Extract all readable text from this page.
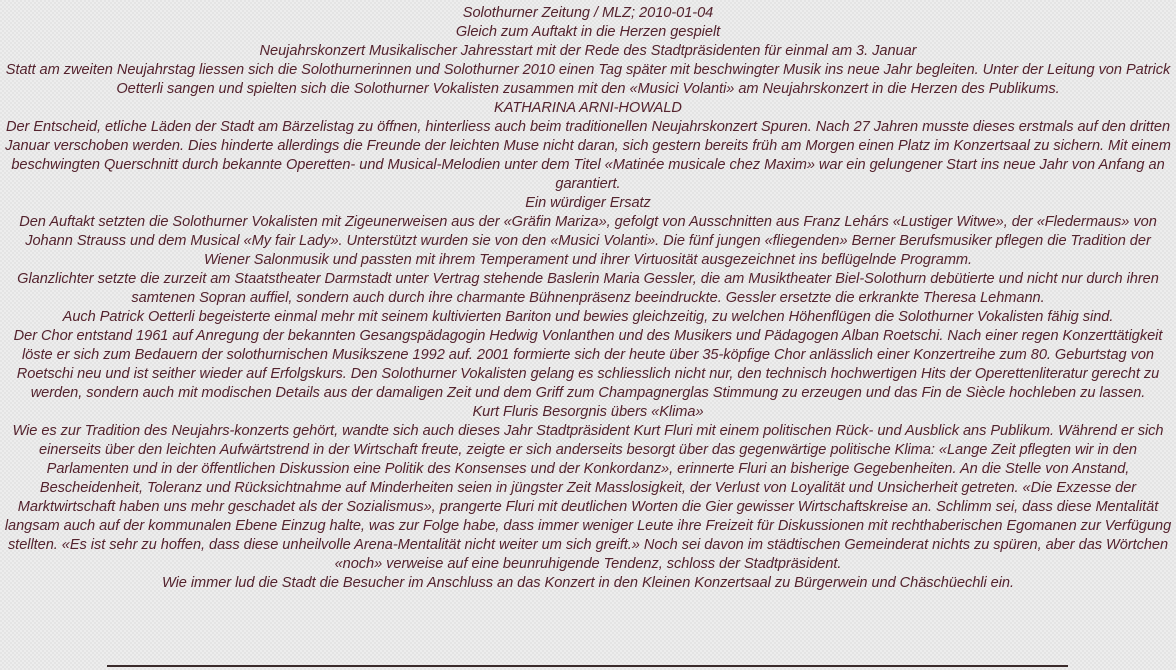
Solothurner Zeitung / MLZ; 2010-01-04

Gleich zum Auftakt in die Herzen gespielt

Neujahrskonzert Musikalischer Jahresstart mit der Rede des Stadtpräsidenten für einmal am 3. Januar

Statt am zweiten Neujahrstag liessen sich die Solothurnerinnen und Solothurner 2010 einen Tag später mit beschwingter Musik ins neue Jahr begleiten. Unter der Leitung von Patrick Oetterli sangen und spielten sich die Solothurner Vokalisten zusammen mit den «Musici Volanti» am Neujahrskonzert in die Herzen des Publikums.

KATHARINA ARNI-HOWALD

Der Entscheid, etliche Läden der Stadt am Bärzelistag zu öffnen, hinterliess auch beim traditionellen Neujahrskonzert Spuren. Nach 27 Jahren musste dieses erstmals auf den dritten Januar verschoben werden. Dies hinderte allerdings die Freunde der leichten Muse nicht daran, sich gestern bereits früh am Morgen einen Platz im Konzertsaal zu sichern. Mit einem beschwingten Querschnitt durch bekannte Operetten- und Musical-Melodien unter dem Titel «Matinée musicale chez Maxim» war ein gelungener Start ins neue Jahr von Anfang an garantiert.

Ein würdiger Ersatz

Den Auftakt setzten die Solothurner Vokalisten mit Zigeunerweisen aus der «Gräfin Mariza», gefolgt von Ausschnitten aus Franz Lehárs «Lustiger Witwe», der «Fledermaus» von Johann Strauss und dem Musical «My fair Lady». Unterstützt wurden sie von den «Musici Volanti». Die fünf jungen «fliegenden» Berner Berufsmusiker pflegen die Tradition der Wiener Salonmusik und passten mit ihrem Temperament und ihrer Virtuosität ausgezeichnet ins beflügelnde Programm.

Glanzlichter setzte die zurzeit am Staatstheater Darmstadt unter Vertrag stehende Baslerin Maria Gessler, die am Musiktheater Biel-Solothurn debütierte und nicht nur durch ihren samtenen Sopran auffiel, sondern auch durch ihre charmante Bühnenpräsenz beeindruckte. Gessler ersetzte die erkrankte Theresa Lehmann.

Auch Patrick Oetterli begeisterte einmal mehr mit seinem kultivierten Bariton und bewies gleichzeitig, zu welchen Höhenflügen die Solothurner Vokalisten fähig sind.

Der Chor entstand 1961 auf Anregung der bekannten Gesangspädagogin Hedwig Vonlanthen und des Musikers und Pädagogen Alban Roetschi. Nach einer regen Konzerttätigkeit löste er sich zum Bedauern der solothurnischen Musikszene 1992 auf. 2001 formierte sich der heute über 35-köpfige Chor anlässlich einer Konzertreihe zum 80. Geburtstag von Roetschi neu und ist seither wieder auf Erfolgskurs. Den Solothurner Vokalisten gelang es schliesslich nicht nur, den technisch hochwertigen Hits der Operettenliteratur gerecht zu werden, sondern auch mit modischen Details aus der damaligen Zeit und dem Griff zum Champagnerglas Stimmung zu erzeugen und das Fin de Siècle hochleben zu lassen.

Kurt Fluris Besorgnis übers «Klima»

Wie es zur Tradition des Neujahrs-konzerts gehört, wandte sich auch dieses Jahr Stadtpräsident Kurt Fluri mit einem politischen Rück- und Ausblick ans Publikum. Während er sich einerseits über den leichten Aufwärtstrend in der Wirtschaft freute, zeigte er sich anderseits besorgt über das gegenwärtige politische Klima: «Lange Zeit pflegten wir in den Parlamenten und in der öffentlichen Diskussion eine Politik des Konsenses und der Konkordanz», erinnerte Fluri an bisherige Gegebenheiten. An die Stelle von Anstand, Bescheidenheit, Toleranz und Rücksichtnahme auf Minderheiten seien in jüngster Zeit Masslosigkeit, der Verlust von Loyalität und Unsicherheit getreten. «Die Exzesse der Marktwirtschaft haben uns mehr geschadet als der Sozialismus», prangerte Fluri mit deutlichen Worten die Gier gewisser Wirtschaftskreise an. Schlimm sei, dass diese Mentalität langsam auch auf der kommunalen Ebene Einzug halte, was zur Folge habe, dass immer weniger Leute ihre Freizeit für Diskussionen mit rechthaberischen Egomanen zur Verfügung stellten. «Es ist sehr zu hoffen, dass diese unheilvolle Arena-Mentalität nicht weiter um sich greift.» Noch sei davon im städtischen Gemeinderat nichts zu spüren, aber das Wörtchen «noch» verweise auf eine beunruhigende Tendenz, schloss der Stadtpräsident.

Wie immer lud die Stadt die Besucher im Anschluss an das Konzert in den Kleinen Konzertsaal zu Bürgerwein und Chäschüechli ein.
